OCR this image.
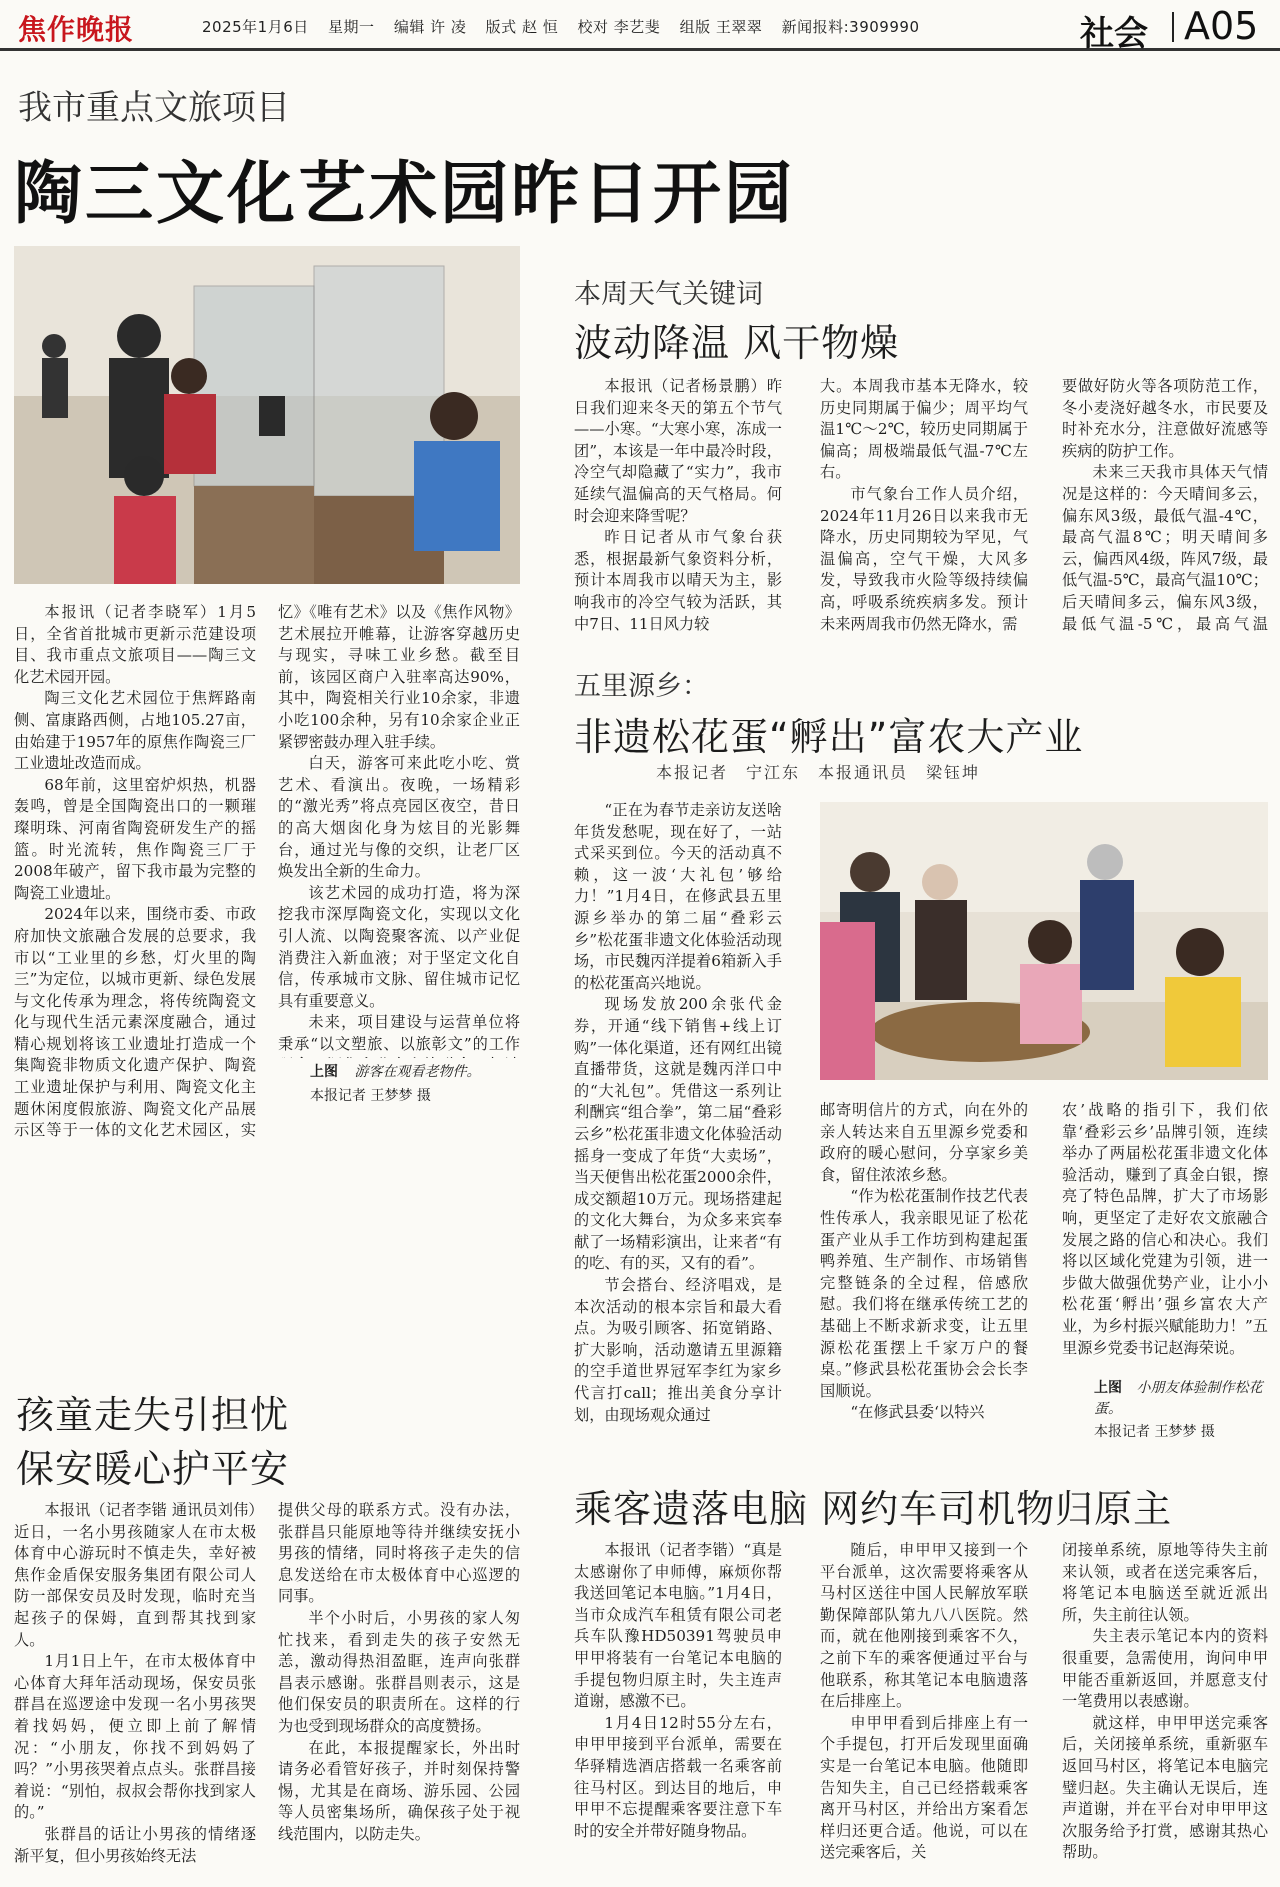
焦作晚报	2025年1月6日 星期一 编辑 许 凌 版式 赵 恒 校对 李艺斐 组版 王翠翠 新闻报料:3909990	社会 A05
我市重点文旅项目
陶三文化艺术园昨日开园

本报讯（记者李晓军）1月5日，全省首批城市更新示范建设项目、我市重点文旅项目——陶三文化艺术园开园。

陶三文化艺术园位于焦辉路南侧、富康路西侧，占地105.27亩，由始建于1957年的原焦作陶瓷三厂工业遗址改造而成。

68年前，这里窑炉炽热，机器轰鸣，曾是全国陶瓷出口的一颗璀璨明珠、河南省陶瓷研发生产的摇篮。时光流转，焦作陶瓷三厂于2008年破产，留下我市最为完整的陶瓷工业遗址。

2024年以来，围绕市委、市政府加快文旅融合发展的总要求，我市以“工业里的乡愁，灯火里的陶三”为定位，以城市更新、绿色发展与文化传承为理念，将传统陶瓷文化与现代生活元素深度融合，通过精心规划将该工业遗址打造成一个集陶瓷非物质文化遗产保护、陶瓷工业遗址保护与利用、陶瓷文化主题休闲度假旅游、陶瓷文化产品展示区等于一体的文化艺术园区，实

忆》《唯有艺术》以及《焦作风物》艺术展拉开帷幕，让游客穿越历史与现实，寻味工业乡愁。截至目前，该园区商户入驻率高达90%，其中，陶瓷相关行业10余家，非遗小吃100余种，另有10余家企业正紧锣密鼓办理入驻手续。

白天，游客可来此吃小吃、赏艺术、看演出。夜晚，一场精彩的“激光秀”将点亮园区夜空，昔日的高大烟囱化身为炫目的光影舞台，通过光与像的交织，让老厂区焕发出全新的生命力。

该艺术园的成功打造，将为深挖我市深厚陶瓷文化，实现以文化引人流、以陶瓷聚客流、以产业促消费注入新血液；对于坚定文化自信，传承城市文脉、留住城市记忆具有重要意义。

未来，项目建设与运营单位将秉承“以文塑旅、以旅彰文”的工作

上图 游客在观看老物件。
本报记者 王梦梦 摄
本周天气关键词
波动降温 风干物燥

本报讯（记者杨景鹏）昨日我们迎来冬天的第五个节气——小寒。“大寒小寒，冻成一团”，本该是一年中最冷时段，冷空气却隐藏了“实力”，我市延续气温偏高的天气格局。何时会迎来降雪呢？

昨日记者从市气象台获悉，根据最新气象资料分析，预计本周我市以晴天为主，影响我市的冷空气较为活跃，其中7日、11日风力较

大。本周我市基本无降水，较历史同期属于偏少；周平均气温1℃～2℃，较历史同期属于偏高；周极端最低气温-7℃左右。

市气象台工作人员介绍，2024年11月26日以来我市无降水，历史同期较为罕见，气温偏高，空气干燥，大风多发，导致我市火险等级持续偏高，呼吸系统疾病多发。预计未来两周我市仍然无降水，需

要做好防火等各项防范工作，冬小麦浇好越冬水，市民要及时补充水分，注意做好流感等疾病的防护工作。

未来三天我市具体天气情况是这样的：今天晴间多云，偏东风3级，最低气温-4℃，最高气温8℃；明天晴间多云，偏西风4级，阵风7级，最低气温-5℃，最高气温10℃；后天晴间多云，偏东风3级，最低气温-5℃，最高气温

五里源乡：
非遗松花蛋“孵出”富农大产业
本报记者　宁江东　本报通讯员　梁钰坤

“正在为春节走亲访友送啥年货发愁呢，现在好了，一站式采买到位。今天的活动真不赖，这一波‘大礼包’够给力！”1月4日，在修武县五里源乡举办的第二届“叠彩云乡”松花蛋非遗文化体验活动现场，市民魏丙洋提着6箱新入手的松花蛋高兴地说。

现场发放200余张代金券，开通“线下销售+线上订购”一体化渠道，还有网红出镜直播带货，这就是魏丙洋口中的“大礼包”。凭借这一系列让利酬宾“组合拳”，第二届“叠彩云乡”松花蛋非遗文化体验活动摇身一变成了年货“大卖场”，当天便售出松花蛋2000余件，成交额超10万元。现场搭建起的文化大舞台，为众多来宾奉献了一场精彩演出，让来者“有的吃、有的买，又有的看”。

节会搭台、经济唱戏，是本次活动的根本宗旨和最大看点。为吸引顾客、拓宽销路、扩大影响，活动邀请五里源籍的空手道世界冠军李红为家乡代言打call；推出美食分享计划，由现场观众通过

邮寄明信片的方式，向在外的亲人转达来自五里源乡党委和政府的暖心慰问，分享家乡美食，留住浓浓乡愁。

“作为松花蛋制作技艺代表性传承人，我亲眼见证了松花蛋产业从手工作坊到构建起蛋鸭养殖、生产制作、市场销售完整链条的全过程，倍感欣慰。我们将在继承传统工艺的基础上不断求新求变，让五里源松花蛋摆上千家万户的餐桌。”修武县松花蛋协会会长李国顺说。

“在修武县委‘以特兴

农’战略的指引下，我们依靠‘叠彩云乡’品牌引领，连续举办了两届松花蛋非遗文化体验活动，赚到了真金白银，擦亮了特色品牌，扩大了市场影响，更坚定了走好农文旅融合发展之路的信心和决心。我们将以区域化党建为引领，进一步做大做强优势产业，让小小松花蛋‘孵出’强乡富农大产业，为乡村振兴赋能助力！”五里源乡党委书记赵海荣说。

上图 小朋友体验制作松花蛋。
本报记者 王梦梦 摄
孩童走失引担忧
保安暖心护平安

本报讯（记者李锴 通讯员刘伟）近日，一名小男孩随家人在市太极体育中心游玩时不慎走失，幸好被焦作金盾保安服务集团有限公司人防一部保安员及时发现，临时充当起孩子的保姆，直到帮其找到家人。

1月1日上午，在市太极体育中心体育大拜年活动现场，保安员张群昌在巡逻途中发现一名小男孩哭着找妈妈，便立即上前了解情况：“小朋友，你找不到妈妈了吗？”小男孩哭着点点头。张群昌接着说：“别怕，叔叔会帮你找到家人的。”

张群昌的话让小男孩的情绪逐渐平复，但小男孩始终无法

提供父母的联系方式。没有办法，张群昌只能原地等待并继续安抚小男孩的情绪，同时将孩子走失的信息发送给在市太极体育中心巡逻的同事。

半个小时后，小男孩的家人匆忙找来，看到走失的孩子安然无恙，激动得热泪盈眶，连声向张群昌表示感谢。张群昌则表示，这是他们保安员的职责所在。这样的行为也受到现场群众的高度赞扬。

在此，本报提醒家长，外出时请务必看管好孩子，并时刻保持警惕，尤其是在商场、游乐园、公园等人员密集场所，确保孩子处于视线范围内，以防走失。

乘客遗落电脑 网约车司机物归原主

本报讯（记者李锴）“真是太感谢你了申师傅，麻烦你帮我送回笔记本电脑。”1月4日，当市众成汽车租赁有限公司老兵车队豫HD50391驾驶员申甲甲将装有一台笔记本电脑的手提包物归原主时，失主连声道谢，感激不已。

1月4日12时55分左右，申甲甲接到平台派单，需要在华驿精选酒店搭载一名乘客前往马村区。到达目的地后，申甲甲不忘提醒乘客要注意下车时的安全并带好随身物品。

随后，申甲甲又接到一个平台派单，这次需要将乘客从马村区送往中国人民解放军联勤保障部队第九八八医院。然而，就在他刚接到乘客不久，之前下车的乘客便通过平台与他联系，称其笔记本电脑遗落在后排座上。

申甲甲看到后排座上有一个手提包，打开后发现里面确实是一台笔记本电脑。他随即告知失主，自己已经搭载乘客离开马村区，并给出方案看怎样归还更合适。他说，可以在送完乘客后，关

闭接单系统，原地等待失主前来认领，或者在送完乘客后，将笔记本电脑送至就近派出所，失主前往认领。

失主表示笔记本内的资料很重要，急需使用，询问申甲甲能否重新返回，并愿意支付一笔费用以表感谢。

就这样，申甲甲送完乘客后，关闭接单系统，重新驱车返回马村区，将笔记本电脑完璧归赵。失主确认无误后，连声道谢，并在平台对申甲甲这次服务给予打赏，感谢其热心帮助。
